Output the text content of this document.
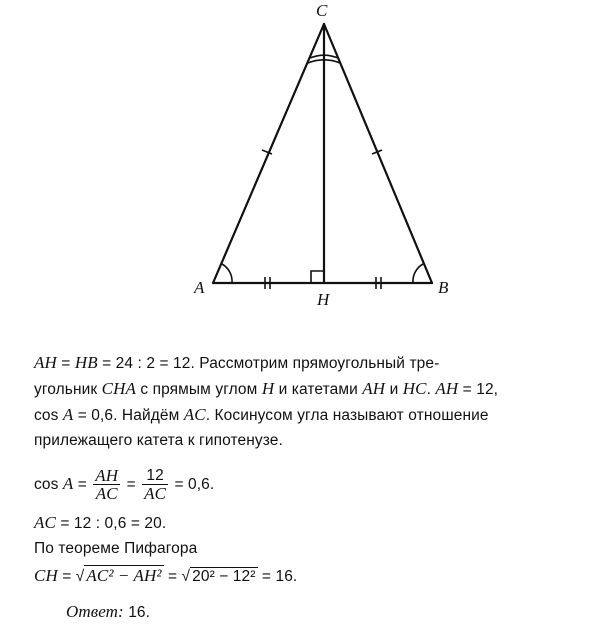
C
A	B
H
AH = HB = 24 : 2 = 12. Рассмотрим прямоугольный тре-
угольник CHA с прямым углом H и катетами AH и HC. AH = 12,
cos A = 0,6. Найдём AC. Косинусом угла называют отношение
прилежащего катета к гипотенузе.
$\cos A = \frac{AH}{AC} = \frac{12}{AC} = 0,6$.
AC = 12 : 0,6 = 20.
По теореме Пифагора
CH = √ AC² − AH² = √ 20² − 12² = 16.
Ответ: 16.
